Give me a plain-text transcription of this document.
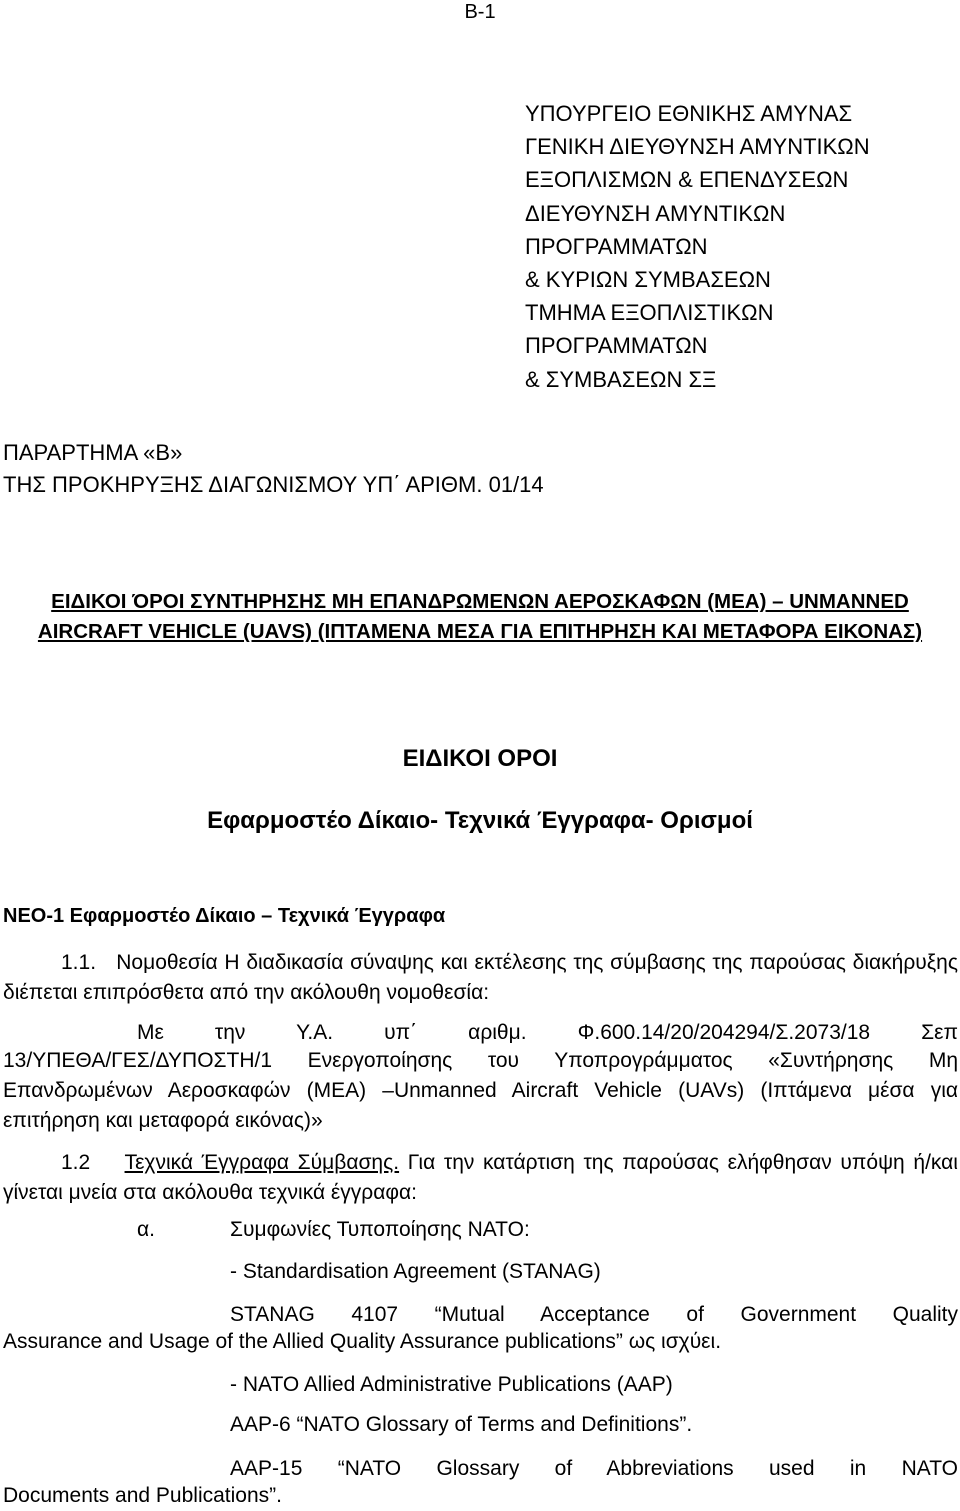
B-1
ΥΠΟΥΡΓΕΙΟ ΕΘΝΙΚΗΣ ΑΜΥΝΑΣ
ΓΕΝΙΚΗ ΔΙΕΥΘΥΝΣΗ ΑΜΥΝΤΙΚΩΝ
ΕΞΟΠΛΙΣΜΩΝ & ΕΠΕΝΔΥΣΕΩΝ
ΔΙΕΥΘΥΝΣΗ ΑΜΥΝΤΙΚΩΝ
ΠΡΟΓΡΑΜΜΑΤΩΝ
& ΚΥΡΙΩΝ ΣΥΜΒΑΣΕΩΝ
ΤΜΗΜΑ ΕΞΟΠΛΙΣΤΙΚΩΝ
ΠΡΟΓΡΑΜΜΑΤΩΝ
& ΣΥΜΒΑΣΕΩΝ ΣΞ
ΠΑΡΑΡΤΗΜΑ «Β»
ΤΗΣ ΠΡΟΚΗΡΥΞΗΣ ΔΙΑΓΩΝΙΣΜΟΥ ΥΠ΄ ΑΡΙΘΜ. 01/14
ΕΙΔΙΚΟΙ ΌΡΟΙ ΣΥΝΤΗΡΗΣΗΣ ΜΗ ΕΠΑΝΔΡΩΜΕΝΩΝ ΑΕΡΟΣΚΑΦΩΝ (ΜΕΑ) – UNMANNED AIRCRAFT VEHICLE (UAVS) (ΙΠΤΑΜΕΝΑ ΜΕΣΑ ΓΙΑ ΕΠΙΤΗΡΗΣΗ ΚΑΙ ΜΕΤΑΦΟΡΑ ΕΙΚΟΝΑΣ)
ΕΙΔΙΚΟΙ ΟΡΟΙ
Εφαρμοστέο Δίκαιο- Τεχνικά Έγγραφα- Ορισμοί
ΝΕΟ-1 Εφαρμοστέο Δίκαιο – Τεχνικά Έγγραφα
1.1. Νομοθεσία Η διαδικασία σύναψης και εκτέλεσης της σύμβασης της παρούσας διακήρυξης διέπεται επιπρόσθετα από την ακόλουθη νομοθεσία:
Με την Υ.Α. υπ΄ αριθμ. Φ.600.14/20/204294/Σ.2073/18 Σεπ
13/ΥΠΕΘΑ/ΓΕΣ/ΔΥΠΟΣΤΗ/1 Ενεργοποίησης του Υποπρογράμματος «Συντήρησης Μη Επανδρωμένων Αεροσκαφών (ΜΕΑ) –Unmanned Aircraft Vehicle (UAVs) (Ιπτάμενα μέσα για επιτήρηση και μεταφορά εικόνας)»
1.2 Τεχνικά Έγγραφα Σύμβασης. Για την κατάρτιση της παρούσας ελήφθησαν υπόψη ή/και γίνεται μνεία στα ακόλουθα τεχνικά έγγραφα:
α.	Συμφωνίες Τυποποίησης ΝΑΤΟ:
- Standardisation Agreement (STANAG)
STANAG 4107 “Mutual Acceptance of Government Quality
Assurance and Usage of the Allied Quality Assurance publications” ως ισχύει.
- NATO Allied Administrative Publications (AAP)
AAP-6 “NATO Glossary of Terms and Definitions”.
AAP-15 “NATO Glossary of Abbreviations used in NATO
Documents and Publications”.
